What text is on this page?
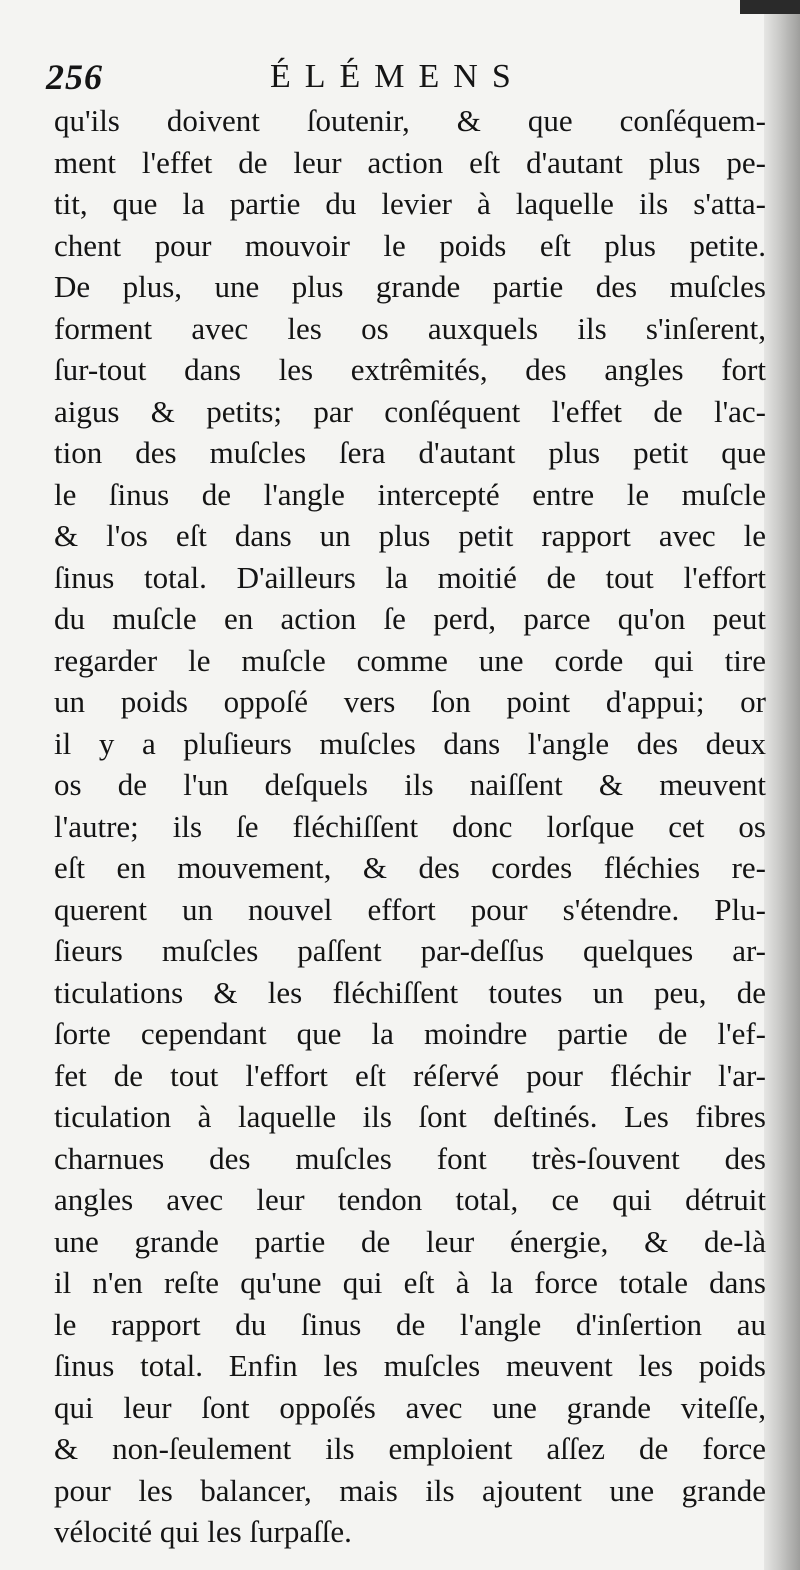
256	ÉLÉMENS
qu'ils doivent ſoutenir, & que conſéquem-
ment l'effet de leur action eſt d'autant plus pe-
tit, que la partie du levier à laquelle ils s'atta-
chent pour mouvoir le poids eſt plus petite.
De plus, une plus grande partie des muſcles
forment avec les os auxquels ils s'inſerent,
ſur-tout dans les extrêmités, des angles fort
aigus & petits; par conſéquent l'effet de l'ac-
tion des muſcles ſera d'autant plus petit que
le ſinus de l'angle intercepté entre le muſcle
& l'os eſt dans un plus petit rapport avec le
ſinus total. D'ailleurs la moitié de tout l'effort
du muſcle en action ſe perd, parce qu'on peut
regarder le muſcle comme une corde qui tire
un poids oppoſé vers ſon point d'appui; or
il y a pluſieurs muſcles dans l'angle des deux
os de l'un deſquels ils naiſſent & meuvent
l'autre; ils ſe fléchiſſent donc lorſque cet os
eſt en mouvement, & des cordes fléchies re-
querent un nouvel effort pour s'étendre. Plu-
ſieurs muſcles paſſent par-deſſus quelques ar-
ticulations & les fléchiſſent toutes un peu, de
ſorte cependant que la moindre partie de l'ef-
fet de tout l'effort eſt réſervé pour fléchir l'ar-
ticulation à laquelle ils ſont deſtinés. Les fibres
charnues des muſcles font très-ſouvent des
angles avec leur tendon total, ce qui détruit
une grande partie de leur énergie, & de-là
il n'en reſte qu'une qui eſt à la force totale dans
le rapport du ſinus de l'angle d'inſertion au
ſinus total. Enfin les muſcles meuvent les poids
qui leur ſont oppoſés avec une grande viteſſe,
& non-ſeulement ils emploient aſſez de force
pour les balancer, mais ils ajoutent une grande
vélocité qui les ſurpaſſe.
